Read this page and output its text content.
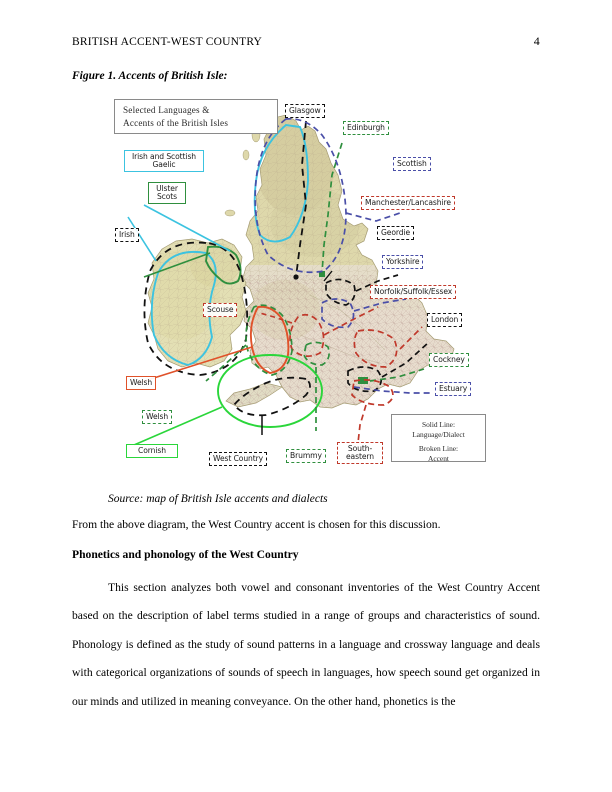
BRITISH ACCENT-WEST COUNTRY	4
Figure 1. Accents of British Isle:
Selected Languages &
Accents of the British Isles
Solid Line:
Language/Dialect
Broken Line:
Accent
Glasgow
Edinburgh
Scottish
Manchester/Lancashire
Geordie
Yorkshire
Norfolk/Suffolk/Essex
London
Cockney
Estuary
Irish and Scottish Gaelic
Ulster Scots
Irish
Scouse
Welsh
Welsh
Cornish
West Country	Brummy
South-eastern
Source: map of British Isle accents and dialects
From the above diagram, the West Country accent is chosen for this discussion.
Phonetics and phonology of the West Country
This section analyzes both vowel and consonant inventories of the West Country Accent based on the description of label terms studied in a range of groups and characteristics of sound. Phonology is defined as the study of sound patterns in a language and crossway language and deals with categorical organizations of sounds of speech in languages, how speech sound get organized in our minds and utilized in meaning conveyance. On the other hand, phonetics is the
